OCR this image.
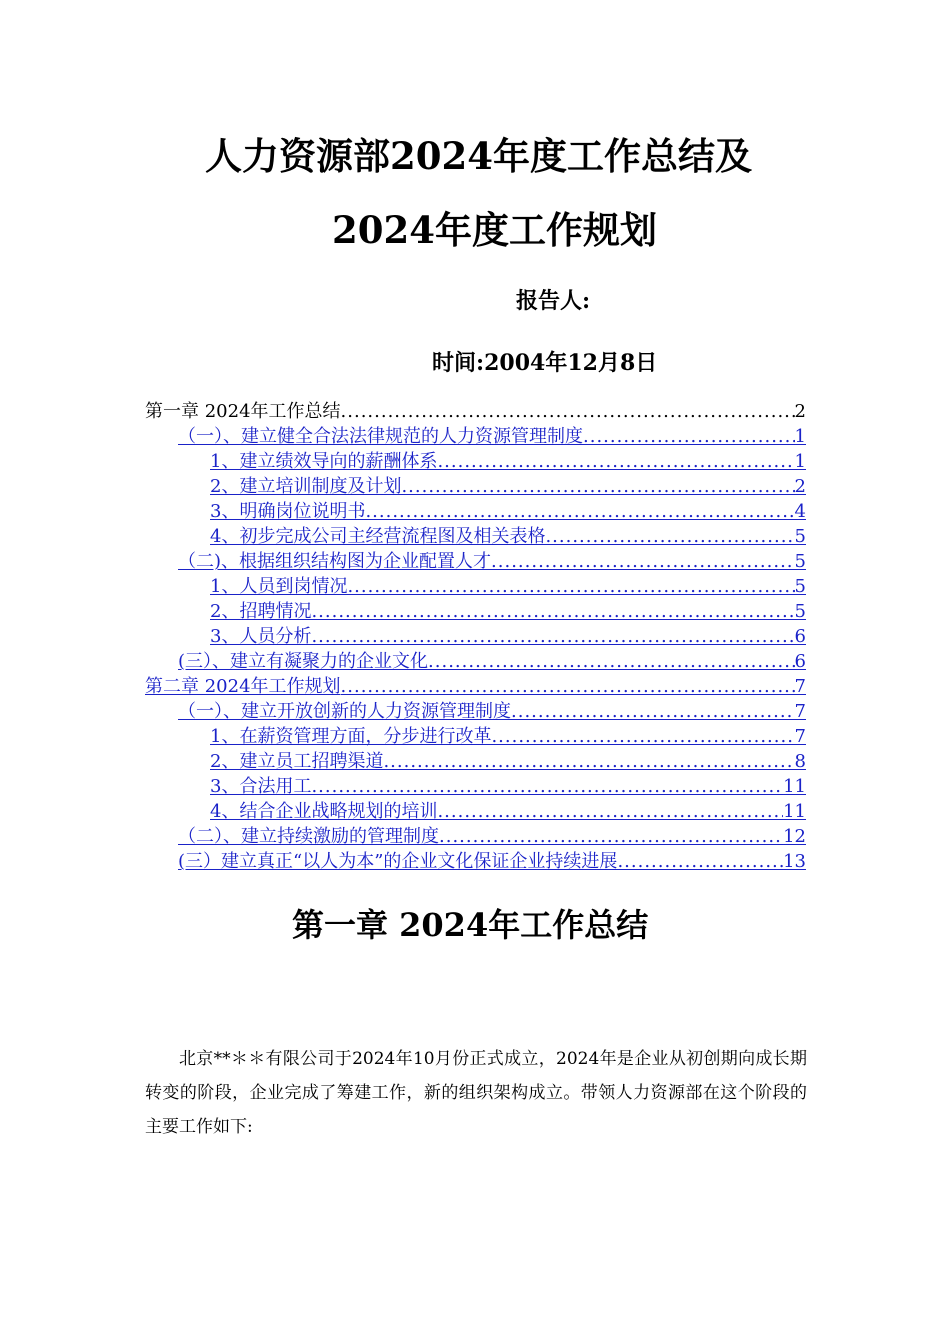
人力资源部2024年度工作总结及
2024年度工作规划
报告人:
时间:2004年12月8日
第一章 2024年工作总结 .....	2
（一）、建立健全合法法律规范的人力资源管理制度 .....	1
1、建立绩效导向的薪酬体系 .....	1
2、建立培训制度及计划 .....	2
3、明确岗位说明书 .....	4
4、初步完成公司主经营流程图及相关表格 .....	5
（二)、根据组织结构图为企业配置人才 .....	5
1、人员到岗情况 .....	5
2、招聘情况 .....	5
3、人员分析 .....	6
(三）、建立有凝聚力的企业文化 .....	6
第二章 2024年工作规划 .....	7
（一）、建立开放创新的人力资源管理制度 .....	7
1、在薪资管理方面，分步进行改革 .....	7
2、建立员工招聘渠道 .....	8
3、合法用工 .....	11
4、结合企业战略规划的培训 .....	11
（二）、建立持续激励的管理制度 .....	12
(三）建立真正“以人为本”的企业文化保证企业持续进展 .....	13
第一章 2024年工作总结

北京**＊＊有限公司于2024年10月份正式成立，2024年是企业从初创期向成长期转变的阶段，企业完成了筹建工作，新的组织架构成立。带领人力资源部在这个阶段的主要工作如下:
